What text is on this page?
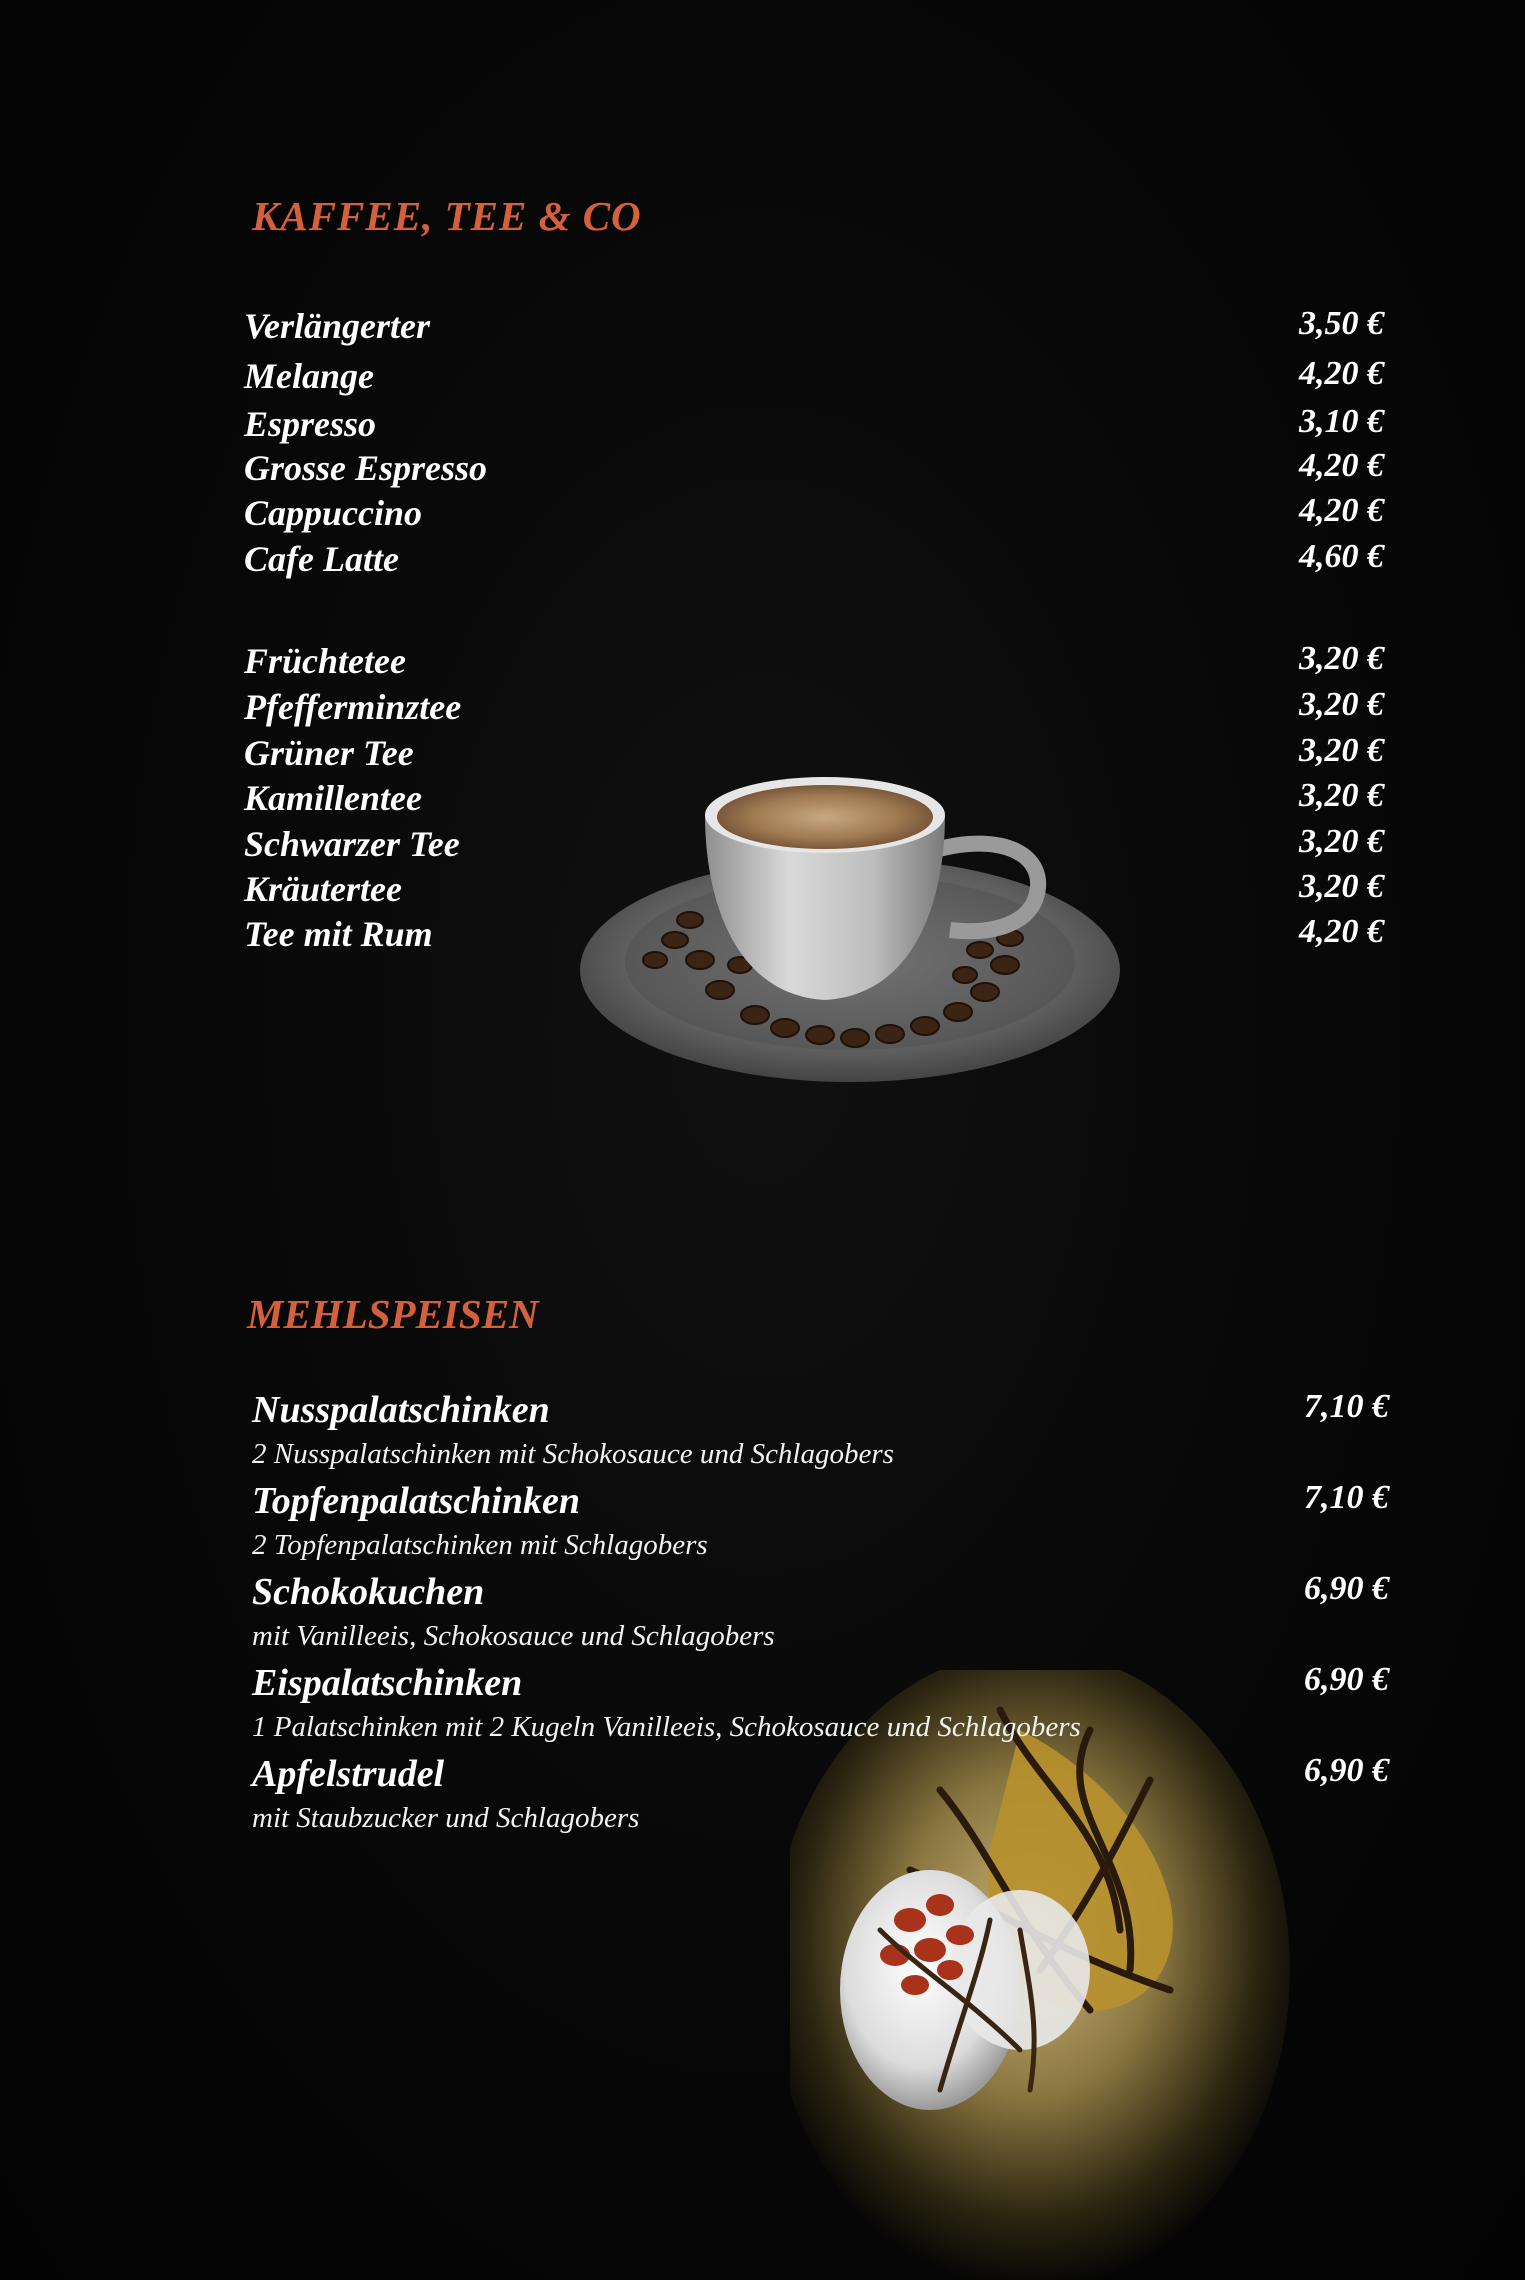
KAFFEE, TEE & CO
Verlängerter	3,50 €
Melange	4,20 €
Espresso	3,10 €
Grosse Espresso	4,20 €
Cappuccino	4,20 €
Cafe Latte	4,60 €
Früchtetee	3,20 €
Pfefferminztee	3,20 €
Grüner Tee	3,20 €
Kamillentee	3,20 €
Schwarzer Tee	3,20 €
Kräutertee	3,20 €
Tee mit Rum	4,20 €
MEHLSPEISEN
Nusspalatschinken	7,10 €
2 Nusspalatschinken mit Schokosauce und Schlagobers
Topfenpalatschinken	7,10 €
2 Topfenpalatschinken mit Schlagobers
Schokokuchen	6,90 €
mit Vanilleeis, Schokosauce und Schlagobers
Eispalatschinken	6,90 €
1 Palatschinken mit 2 Kugeln Vanilleeis, Schokosauce und Schlagobers
Apfelstrudel	6,90 €
mit Staubzucker und Schlagobers
